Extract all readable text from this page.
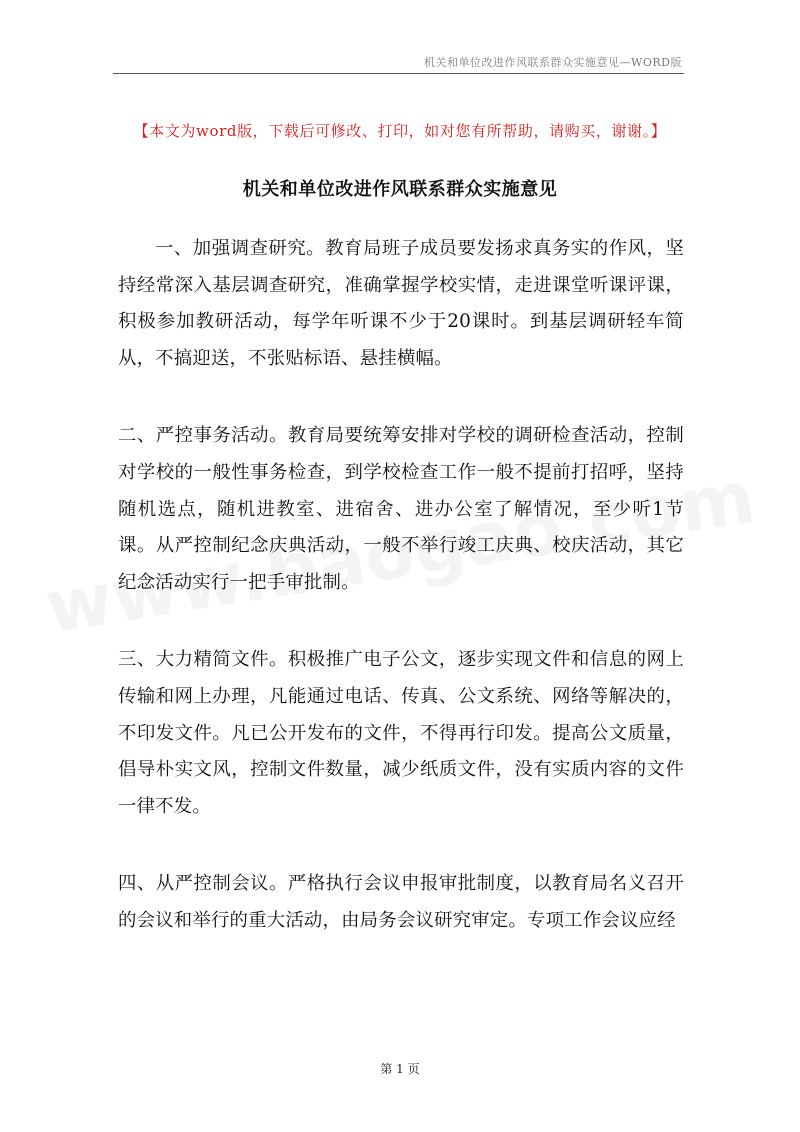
机关和单位改进作风联系群众实施意见—WORD版
【本文为word版，下载后可修改、打印，如对您有所帮助，请购买，谢谢。】
机关和单位改进作风联系群众实施意见

一、加强调查研究。教育局班子成员要发扬求真务实的作风，坚持经常深入基层调查研究，准确掌握学校实情，走进课堂听课评课，积极参加教研活动，每学年听课不少于20课时。到基层调研轻车简从，不搞迎送，不张贴标语、悬挂横幅。

二、严控事务活动。教育局要统筹安排对学校的调研检查活动，控制对学校的一般性事务检查，到学校检查工作一般不提前打招呼，坚持随机选点，随机进教室、进宿舍、进办公室了解情况，至少听1节课。从严控制纪念庆典活动，一般不举行竣工庆典、校庆活动，其它纪念活动实行一把手审批制。

三、大力精简文件。积极推广电子公文，逐步实现文件和信息的网上传输和网上办理，凡能通过电话、传真、公文系统、网络等解决的，不印发文件。凡已公开发布的文件，不得再行印发。提高公文质量，倡导朴实文风，控制文件数量，减少纸质文件，没有实质内容的文件一律不发。

四、从严控制会议。严格执行会议申报审批制度，以教育局名义召开的会议和举行的重大活动，由局务会议研究审定。专项工作会议应经

第 1 页
